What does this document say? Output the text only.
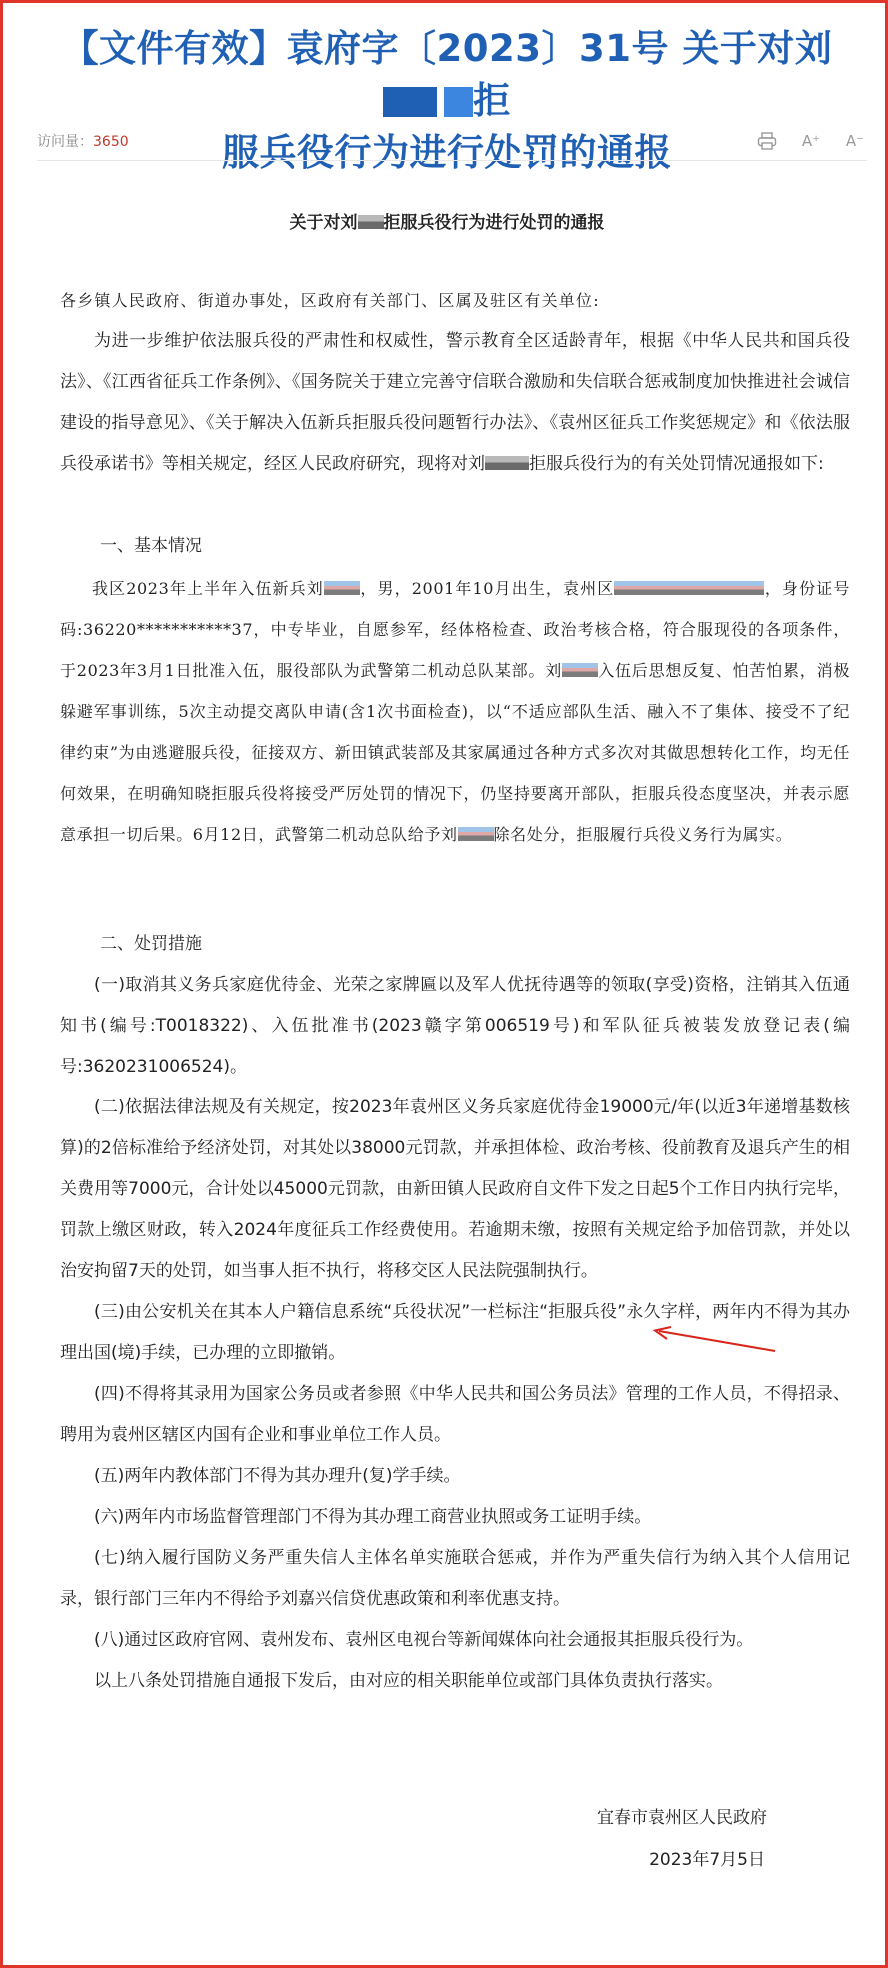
【文件有效】袁府字〔2023〕31号 关于对刘拒
服兵役行为进行处罚的通报
访问量：3650	A⁺ A⁻
关于对刘 拒服兵役行为进行处罚的通报
各乡镇人民政府、街道办事处，区政府有关部门、区属及驻区有关单位:
为进一步维护依法服兵役的严肃性和权威性，警示教育全区适龄青年，根据《中华人民共和国兵役法》、《江西省征兵工作条例》、《国务院关于建立完善守信联合激励和失信联合惩戒制度加快推进社会诚信建设的指导意见》、《关于解决入伍新兵拒服兵役问题暂行办法》、《袁州区征兵工作奖惩规定》和《依法服兵役承诺书》等相关规定，经区人民政府研究，现将对刘	拒服兵役行为的有关处罚情况通报如下:
一、基本情况
我区2023年上半年入伍新兵刘 ，男，2001年10月出生，袁州区	，身份证号码:36220***********37，中专毕业，自愿参军，经体格检查、政治考核合格，符合服现役的各项条件，于2023年3月1日批准入伍，服役部队为武警第二机动总队某部。刘 入伍后思想反复、怕苦怕累，消极躲避军事训练，5次主动提交离队申请(含1次书面检查)，以“不适应部队生活、融入不了集体、接受不了纪律约束”为由逃避服兵役，征接双方、新田镇武装部及其家属通过各种方式多次对其做思想转化工作，均无任何效果，在明确知晓拒服兵役将接受严厉处罚的情况下，仍坚持要离开部队，拒服兵役态度坚决，并表示愿意承担一切后果。6月12日，武警第二机动总队给予刘 除名处分，拒服履行兵役义务行为属实。
二、处罚措施
(一)取消其义务兵家庭优待金、光荣之家牌匾以及军人优抚待遇等的领取(享受)资格，注销其入伍通知书(编号:T0018322)、入伍批准书(2023赣字第006519号)和军队征兵被装发放登记表(编号:3620231006524)。
(二)依据法律法规及有关规定，按2023年袁州区义务兵家庭优待金19000元/年(以近3年递增基数核算)的2倍标准给予经济处罚，对其处以38000元罚款，并承担体检、政治考核、役前教育及退兵产生的相关费用等7000元，合计处以45000元罚款，由新田镇人民政府自文件下发之日起5个工作日内执行完毕，罚款上缴区财政，转入2024年度征兵工作经费使用。若逾期未缴，按照有关规定给予加倍罚款，并处以治安拘留7天的处罚，如当事人拒不执行，将移交区人民法院强制执行。
(三)由公安机关在其本人户籍信息系统“兵役状况”一栏标注“拒服兵役”永久字样，两年内不得为其办理出国(境)手续，已办理的立即撤销。
(四)不得将其录用为国家公务员或者参照《中华人民共和国公务员法》管理的工作人员，不得招录、聘用为袁州区辖区内国有企业和事业单位工作人员。
(五)两年内教体部门不得为其办理升(复)学手续。
(六)两年内市场监督管理部门不得为其办理工商营业执照或务工证明手续。
(七)纳入履行国防义务严重失信人主体名单实施联合惩戒，并作为严重失信行为纳入其个人信用记录，银行部门三年内不得给予刘嘉兴信贷优惠政策和利率优惠支持。
(八)通过区政府官网、袁州发布、袁州区电视台等新闻媒体向社会通报其拒服兵役行为。
以上八条处罚措施自通报下发后，由对应的相关职能单位或部门具体负责执行落实。
宜春市袁州区人民政府
2023年7月5日
